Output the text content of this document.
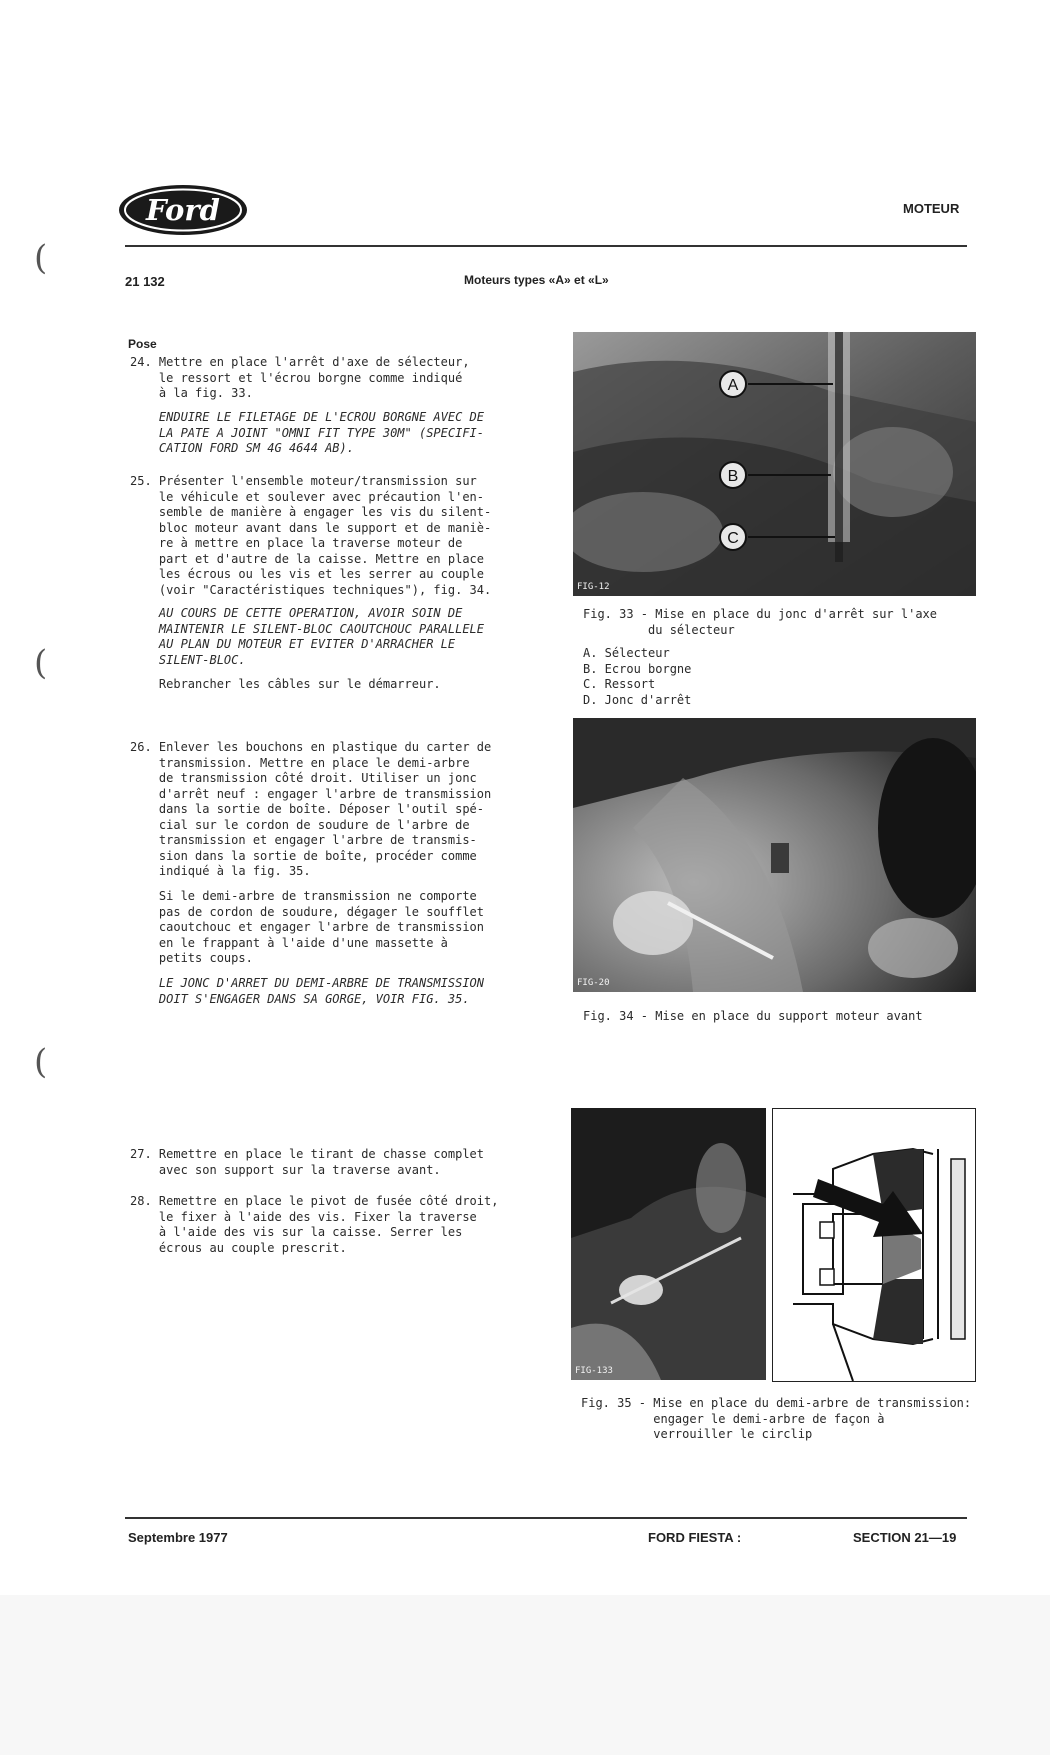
(
(
(
Ford	MOTEUR
21 132	Moteurs types «A» et «L»
Pose
24. Mettre en place l'arrêt d'axe de sélecteur,
le ressort et l'écrou borgne comme indiqué
à la fig. 33.
ENDUIRE LE FILETAGE DE L'ECROU BORGNE AVEC DE
LA PATE A JOINT "OMNI FIT TYPE 30M" (SPECIFI-
CATION FORD SM 4G 4644 AB).
25. Présenter l'ensemble moteur/transmission sur
le véhicule et soulever avec précaution l'en-
semble de manière à engager les vis du silent-
bloc moteur avant dans le support et de maniè-
re à mettre en place la traverse moteur de
part et d'autre de la caisse. Mettre en place
les écrous ou les vis et les serrer au couple
(voir "Caractéristiques techniques"), fig. 34.
AU COURS DE CETTE OPERATION, AVOIR SOIN DE
MAINTENIR LE SILENT-BLOC CAOUTCHOUC PARALLELE
AU PLAN DU MOTEUR ET EVITER D'ARRACHER LE
SILENT-BLOC.
Rebrancher les câbles sur le démarreur.
26. Enlever les bouchons en plastique du carter de
transmission. Mettre en place le demi-arbre
de transmission côté droit. Utiliser un jonc
d'arrêt neuf : engager l'arbre de transmission
dans la sortie de boîte. Déposer l'outil spé-
cial sur le cordon de soudure de l'arbre de
transmission et engager l'arbre de transmis-
sion dans la sortie de boîte, procéder comme
indiqué à la fig. 35.
Si le demi-arbre de transmission ne comporte
pas de cordon de soudure, dégager le soufflet
caoutchouc et engager l'arbre de transmission
en le frappant à l'aide d'une massette à
petits coups.
LE JONC D'ARRET DU DEMI-ARBRE DE TRANSMISSION
DOIT S'ENGAGER DANS SA GORGE, VOIR FIG. 35.
27. Remettre en place le tirant de chasse complet
avec son support sur la traverse avant.
28. Remettre en place le pivot de fusée côté droit,
le fixer à l'aide des vis. Fixer la traverse
à l'aide des vis sur la caisse. Serrer les
écrous au couple prescrit.
A
B
C
FIG-12
Fig. 33 - Mise en place du jonc d'arrêt sur l'axe
du sélecteur
A. Sélecteur
B. Ecrou borgne
C. Ressort
D. Jonc d'arrêt
FIG-20
Fig. 34 - Mise en place du support moteur avant
FIG-133
Fig. 35 - Mise en place du demi-arbre de transmission:
engager le demi-arbre de façon à
verrouiller le circlip
Septembre 1977	FORD FIESTA :	SECTION 21—19
